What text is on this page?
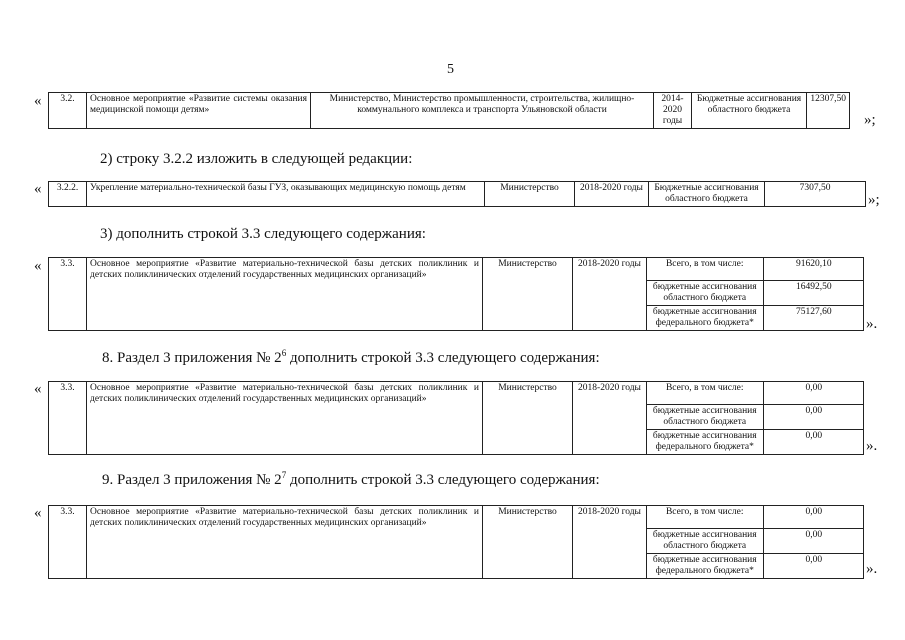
5
« 3.2.	Основное мероприятие «Развитие системы оказания медицинской помощи детям»	Министерство, Министерство промышленности, строительства, жилищно-коммунального комплекса и транспорта Ульяновской области	2014-2020 годы	Бюджетные ассигнования областного бюджета	12307,50
»;
2) строку 3.2.2 изложить в следующей редакции:
« 3.2.2.	Укрепление материально-технической базы ГУЗ, оказывающих медицинскую помощь детям	Министерство	2018-2020 годы	Бюджетные ассигнования областного бюджета	7307,50
»;
3) дополнить строкой 3.3 следующего содержания:
« 3.3.	Основное мероприятие «Развитие материально-технической базы детских поликлиник и детских поликлинических отделений государственных медицинских организаций»	Министерство	2018-2020 годы		Всего, в том числе:	91620,10
бюджетные ассигнования областного бюджета	16492,50
бюджетные ассигнования федерального бюджета*	75127,60
».
8. Раздел 3 приложения № $2^6$ дополнить строкой 3.3 следующего содержания:
« 3.3.	Основное мероприятие «Развитие материально-технической базы детских поликлиник и детских поликлинических отделений государственных медицинских организаций»	Министерство	2018-2020 годы		Всего, в том числе:	0,00
бюджетные ассигнования областного бюджета	0,00
бюджетные ассигнования федерального бюджета*	0,00
».
9. Раздел 3 приложения № $2^7$ дополнить строкой 3.3 следующего содержания:
« 3.3.	Основное мероприятие «Развитие материально-технической базы детских поликлиник и детских поликлинических отделений государственных медицинских организаций»	Министерство	2018-2020 годы		Всего, в том числе:	0,00
бюджетные ассигнования областного бюджета	0,00
бюджетные ассигнования федерального бюджета*	0,00
».
